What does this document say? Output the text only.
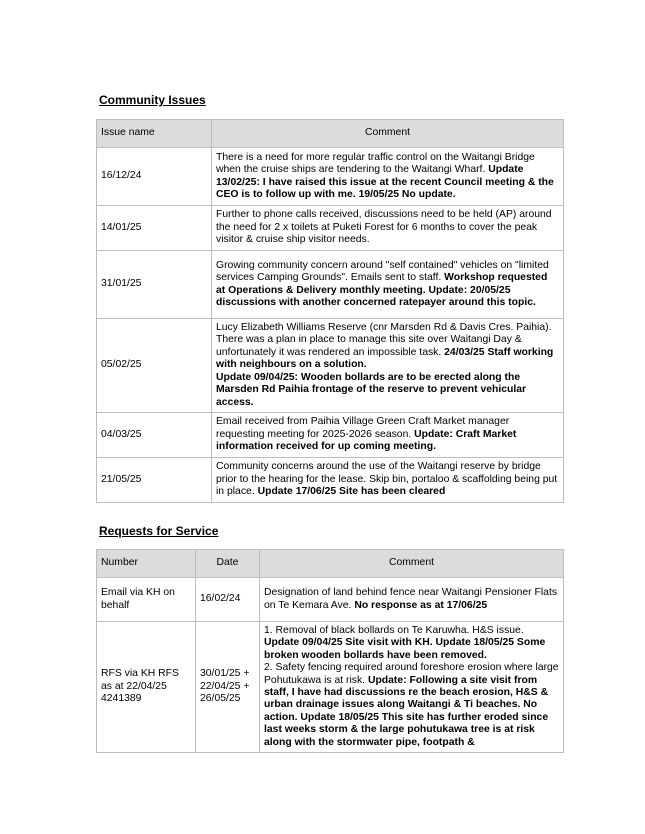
Community Issues
Issue name	Comment
16/12/24	There is a need for more regular traffic control on the Waitangi Bridge when the cruise ships are tendering to the Waitangi Wharf. Update 13/02/25: I have raised this issue at the recent Council meeting & the CEO is to follow up with me. 19/05/25 No update.
14/01/25	Further to phone calls received, discussions need to be held (AP) around the need for 2 x toilets at Puketi Forest for 6 months to cover the peak visitor & cruise ship visitor needs.
31/01/25	Growing community concern around "self contained" vehicles on "limited services Camping Grounds". Emails sent to staff. Workshop requested at Operations & Delivery monthly meeting. Update: 20/05/25 discussions with another concerned ratepayer around this topic.
05/02/25	Lucy Elizabeth Williams Reserve (cnr Marsden Rd & Davis Cres. Paihia). There was a plan in place to manage this site over Waitangi Day & unfortunately it was rendered an impossible task. 24/03/25 Staff working with neighbours on a solution.
Update 09/04/25: Wooden bollards are to be erected along the Marsden Rd Paihia frontage of the reserve to prevent vehicular access.
04/03/25	Email received from Paihia Village Green Craft Market manager requesting meeting for 2025-2026 season. Update: Craft Market information received for up coming meeting.
21/05/25	Community concerns around the use of the Waitangi reserve by bridge prior to the hearing for the lease. Skip bin, portaloo & scaffolding being put in place. Update 17/06/25 Site has been cleared
Requests for Service
Number	Date	Comment
Email via KH on behalf	16/02/24	Designation of land behind fence near Waitangi Pensioner Flats on Te Kemara Ave. No response as at 17/06/25
RFS via KH RFS as at 22/04/25 4241389	30/01/25 + 22/04/25 + 26/05/25	1. Removal of black bollards on Te Karuwha. H&S issue. Update 09/04/25 Site visit with KH. Update 18/05/25 Some broken wooden bollards have been removed.
2. Safety fencing required around foreshore erosion where large Pohutukawa is at risk. Update: Following a site visit from staff, I have had discussions re the beach erosion, H&S & urban drainage issues along Waitangi & Ti beaches. No action. Update 18/05/25 This site has further eroded since last weeks storm & the large pohutukawa tree is at risk along with the stormwater pipe, footpath &
